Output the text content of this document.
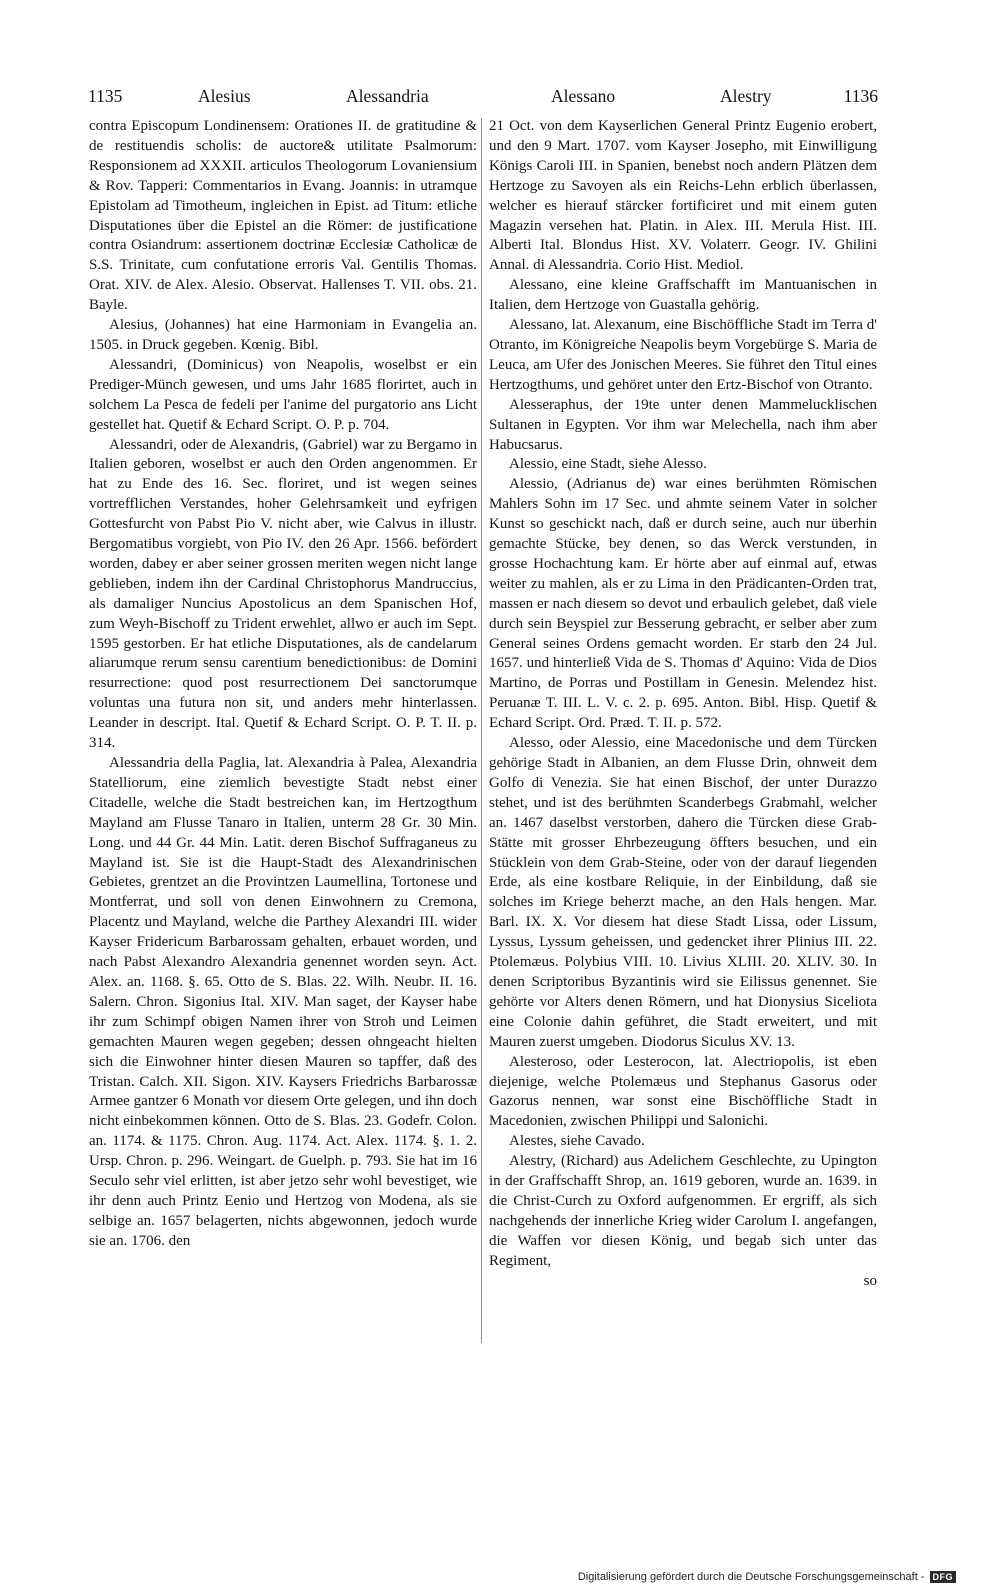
1135	Alesius	Alessandria	Alessano	Alestry	1136

contra Episcopum Londinensem: Orationes II. de gratitudine & de restituendis scholis: de auctore& utilitate Psalmorum: Responsionem ad XXXII. articulos Theologorum Lovaniensium & Rov. Tapperi: Commentarios in Evang. Joannis: in utramque Epistolam ad Timotheum, ingleichen in Epist. ad Titum: etliche Disputationes über die Epistel an die Römer: de justificatione contra Osiandrum: assertionem doctrinæ Ecclesiæ Catholicæ de S.S. Trinitate, cum confutatione erroris Val. Gentilis Thomas. Orat. XIV. de Alex. Alesio. Observat. Hallenses T. VII. obs. 21. Bayle.

Alesius, (Johannes) hat eine Harmoniam in Evangelia an. 1505. in Druck gegeben. Kœnig. Bibl.

Alessandri, (Dominicus) von Neapolis, woselbst er ein Prediger-Münch gewesen, und ums Jahr 1685 florirtet, auch in solchem La Pesca de fedeli per l'anime del purgatorio ans Licht gestellet hat. Quetif & Echard Script. O. P. p. 704.

Alessandri, oder de Alexandris, (Gabriel) war zu Bergamo in Italien geboren, woselbst er auch den Orden angenommen. Er hat zu Ende des 16. Sec. floriret, und ist wegen seines vortrefflichen Verstandes, hoher Gelehrsamkeit und eyfrigen Gottesfurcht von Pabst Pio V. nicht aber, wie Calvus in illustr. Bergomatibus vorgiebt, von Pio IV. den 26 Apr. 1566. befördert worden, dabey er aber seiner grossen meriten wegen nicht lange geblieben, indem ihn der Cardinal Christophorus Mandruccius, als damaliger Nuncius Apostolicus an dem Spanischen Hof, zum Weyh-Bischoff zu Trident erwehlet, allwo er auch im Sept. 1595 gestorben. Er hat etliche Disputationes, als de candelarum aliarumque rerum sensu carentium benedictionibus: de Domini resurrectione: quod post resurrectionem Dei sanctorumque voluntas una futura non sit, und anders mehr hinterlassen. Leander in descript. Ital. Quetif & Echard Script. O. P. T. II. p. 314.

Alessandria della Paglia, lat. Alexandria à Palea, Alexandria Statelliorum, eine ziemlich bevestigte Stadt nebst einer Citadelle, welche die Stadt bestreichen kan, im Hertzogthum Mayland am Flusse Tanaro in Italien, unterm 28 Gr. 30 Min. Long. und 44 Gr. 44 Min. Latit. deren Bischof Suffraganeus zu Mayland ist. Sie ist die Haupt-Stadt des Alexandrinischen Gebietes, grentzet an die Provintzen Laumellina, Tortonese und Montferrat, und soll von denen Einwohnern zu Cremona, Placentz und Mayland, welche die Parthey Alexandri III. wider Kayser Fridericum Barbarossam gehalten, erbauet worden, und nach Pabst Alexandro Alexandria genennet worden seyn. Act. Alex. an. 1168. §. 65. Otto de S. Blas. 22. Wilh. Neubr. II. 16. Salern. Chron. Sigonius Ital. XIV. Man saget, der Kayser habe ihr zum Schimpf obigen Namen ihrer von Stroh und Leimen gemachten Mauren wegen gegeben; dessen ohngeacht hielten sich die Einwohner hinter diesen Mauren so tapffer, daß des Tristan. Calch. XII. Sigon. XIV. Kaysers Friedrichs Barbarossæ Armee gantzer 6 Monath vor diesem Orte gelegen, und ihn doch nicht einbekommen können. Otto de S. Blas. 23. Godefr. Colon. an. 1174. & 1175. Chron. Aug. 1174. Act. Alex. 1174. §. 1. 2. Ursp. Chron. p. 296. Weingart. de Guelph. p. 793. Sie hat im 16 Seculo sehr viel erlitten, ist aber jetzo sehr wohl bevestiget, wie ihr denn auch Printz Eenio und Hertzog von Modena, als sie selbige an. 1657 belagerten, nichts abgewonnen, jedoch wurde sie an. 1706. den

21 Oct. von dem Kayserlichen General Printz Eugenio erobert, und den 9 Mart. 1707. vom Kayser Josepho, mit Einwilligung Königs Caroli III. in Spanien, benebst noch andern Plätzen dem Hertzoge zu Savoyen als ein Reichs-Lehn erblich überlassen, welcher es hierauf stärcker fortificiret und mit einem guten Magazin versehen hat. Platin. in Alex. III. Merula Hist. III. Alberti Ital. Blondus Hist. XV. Volaterr. Geogr. IV. Ghilini Annal. di Alessandria. Corio Hist. Mediol.

Alessano, eine kleine Graffschafft im Mantuanischen in Italien, dem Hertzoge von Guastalla gehörig.

Alessano, lat. Alexanum, eine Bischöffliche Stadt im Terra d' Otranto, im Königreiche Neapolis beym Vorgebürge S. Maria de Leuca, am Ufer des Jonischen Meeres. Sie führet den Titul eines Hertzogthums, und gehöret unter den Ertz-Bischof von Otranto.

Alesseraphus, der 19te unter denen Mammelucklischen Sultanen in Egypten. Vor ihm war Melechella, nach ihm aber Habucsarus.

Alessio, eine Stadt, siehe Alesso.

Alessio, (Adrianus de) war eines berühmten Römischen Mahlers Sohn im 17 Sec. und ahmte seinem Vater in solcher Kunst so geschickt nach, daß er durch seine, auch nur überhin gemachte Stücke, bey denen, so das Werck verstunden, in grosse Hochachtung kam. Er hörte aber auf einmal auf, etwas weiter zu mahlen, als er zu Lima in den Prädicanten-Orden trat, massen er nach diesem so devot und erbaulich gelebet, daß viele durch sein Beyspiel zur Besserung gebracht, er selber aber zum General seines Ordens gemacht worden. Er starb den 24 Jul. 1657. und hinterließ Vida de S. Thomas d' Aquino: Vida de Dios Martino, de Porras und Postillam in Genesin. Melendez hist. Peruanæ T. III. L. V. c. 2. p. 695. Anton. Bibl. Hisp. Quetif & Echard Script. Ord. Præd. T. II. p. 572.

Alesso, oder Alessio, eine Macedonische und dem Türcken gehörige Stadt in Albanien, an dem Flusse Drin, ohnweit dem Golfo di Venezia. Sie hat einen Bischof, der unter Durazzo stehet, und ist des berühmten Scanderbegs Grabmahl, welcher an. 1467 daselbst verstorben, dahero die Türcken diese Grab-Stätte mit grosser Ehrbezeugung öffters besuchen, und ein Stücklein von dem Grab-Steine, oder von der darauf liegenden Erde, als eine kostbare Reliquie, in der Einbildung, daß sie solches im Kriege beherzt mache, an den Hals hengen. Mar. Barl. IX. X. Vor diesem hat diese Stadt Lissa, oder Lissum, Lyssus, Lyssum geheissen, und gedencket ihrer Plinius III. 22. Ptolemæus. Polybius VIII. 10. Livius XLIII. 20. XLIV. 30. In denen Scriptoribus Byzantinis wird sie Eilissus genennet. Sie gehörte vor Alters denen Römern, und hat Dionysius Siceliota eine Colonie dahin geführet, die Stadt erweitert, und mit Mauren zuerst umgeben. Diodorus Siculus XV. 13.

Alesteroso, oder Lesterocon, lat. Alectriopolis, ist eben diejenige, welche Ptolemæus und Stephanus Gasorus oder Gazorus nennen, war sonst eine Bischöffliche Stadt in Macedonien, zwischen Philippi und Salonichi.

Alestes, siehe Cavado.

Alestry, (Richard) aus Adelichem Geschlechte, zu Upington in der Graffschafft Shrop, an. 1619 geboren, wurde an. 1639. in die Christ-Curch zu Oxford aufgenommen. Er ergriff, als sich nachgehends der innerliche Krieg wider Carolum I. angefangen, die Waffen vor diesen König, und begab sich unter das Regiment,

so

Digitalisierung gefördert durch die Deutsche Forschungsgemeinschaft - DFG
